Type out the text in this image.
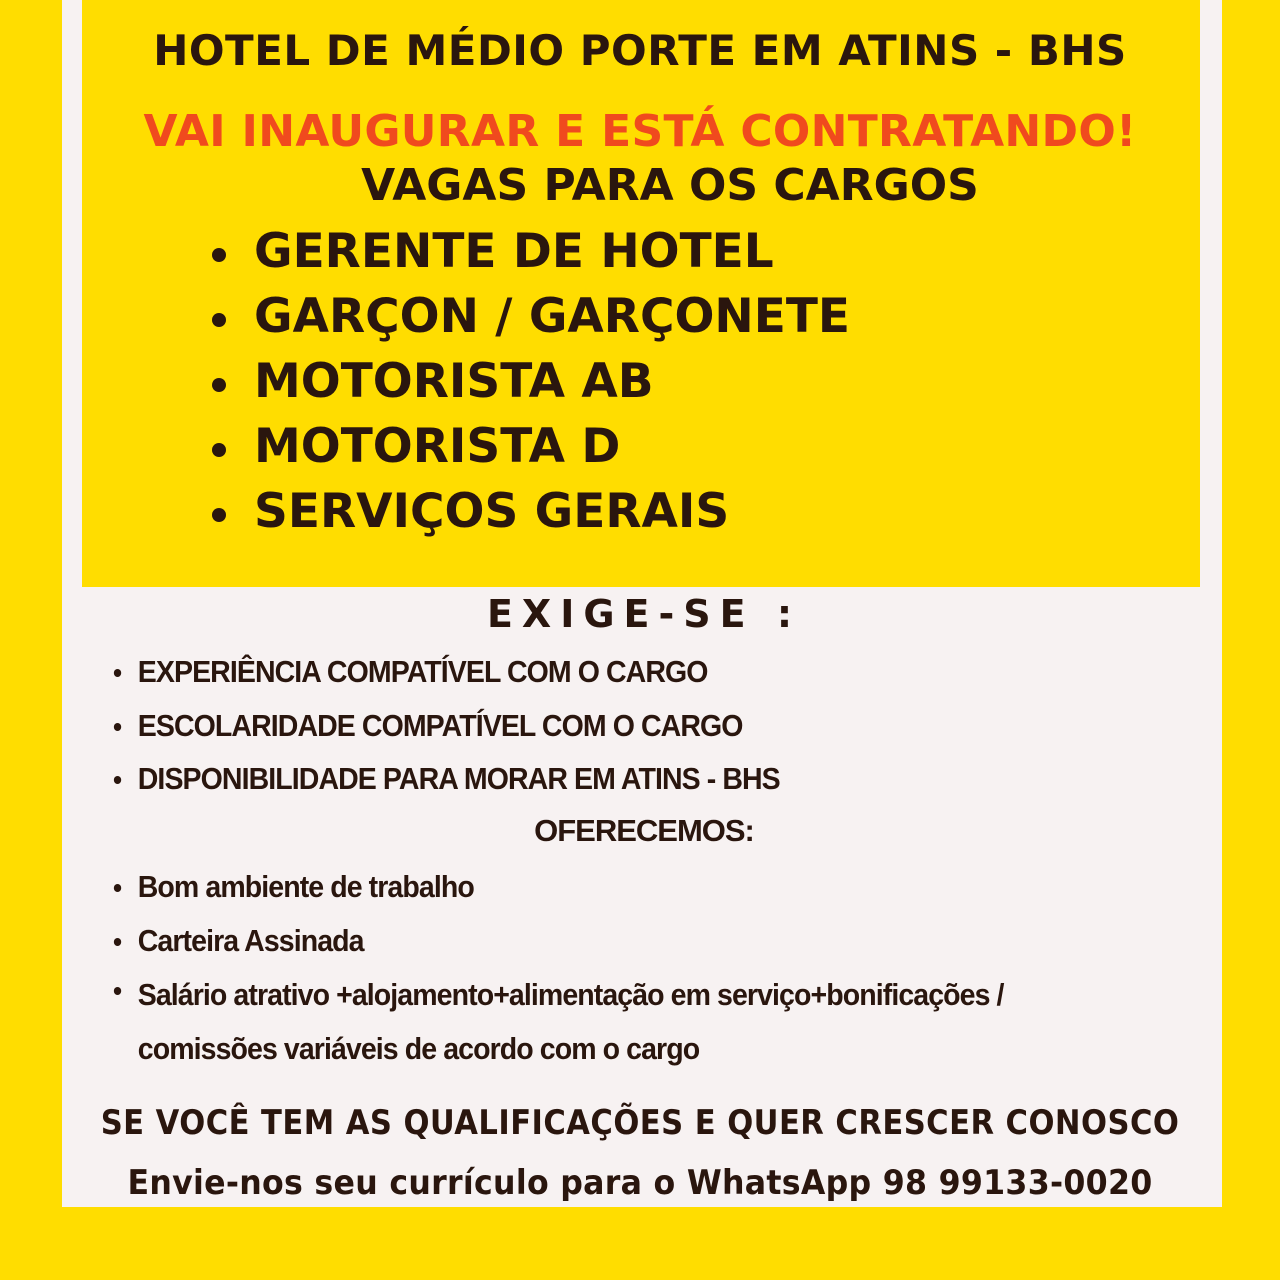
HOTEL DE MÉDIO PORTE EM ATINS - BHS
VAI INAUGURAR E ESTÁ CONTRATANDO!
VAGAS PARA OS CARGOS
GERENTE DE HOTEL
GARÇON / GARÇONETE
MOTORISTA AB
MOTORISTA D
SERVIÇOS GERAIS
EXIGE-SE :
EXPERIÊNCIA COMPATÍVEL COM O CARGO
ESCOLARIDADE COMPATÍVEL COM O CARGO
DISPONIBILIDADE PARA MORAR EM ATINS - BHS
OFERECEMOS:
Bom ambiente de trabalho
Carteira Assinada
Salário atrativo +alojamento+alimentação em serviço+bonificações / comissões variáveis de acordo com o cargo
SE VOCÊ TEM AS QUALIFICAÇÕES E QUER CRESCER CONOSCO
Envie-nos seu currículo para o WhatsApp 98 99133-0020
